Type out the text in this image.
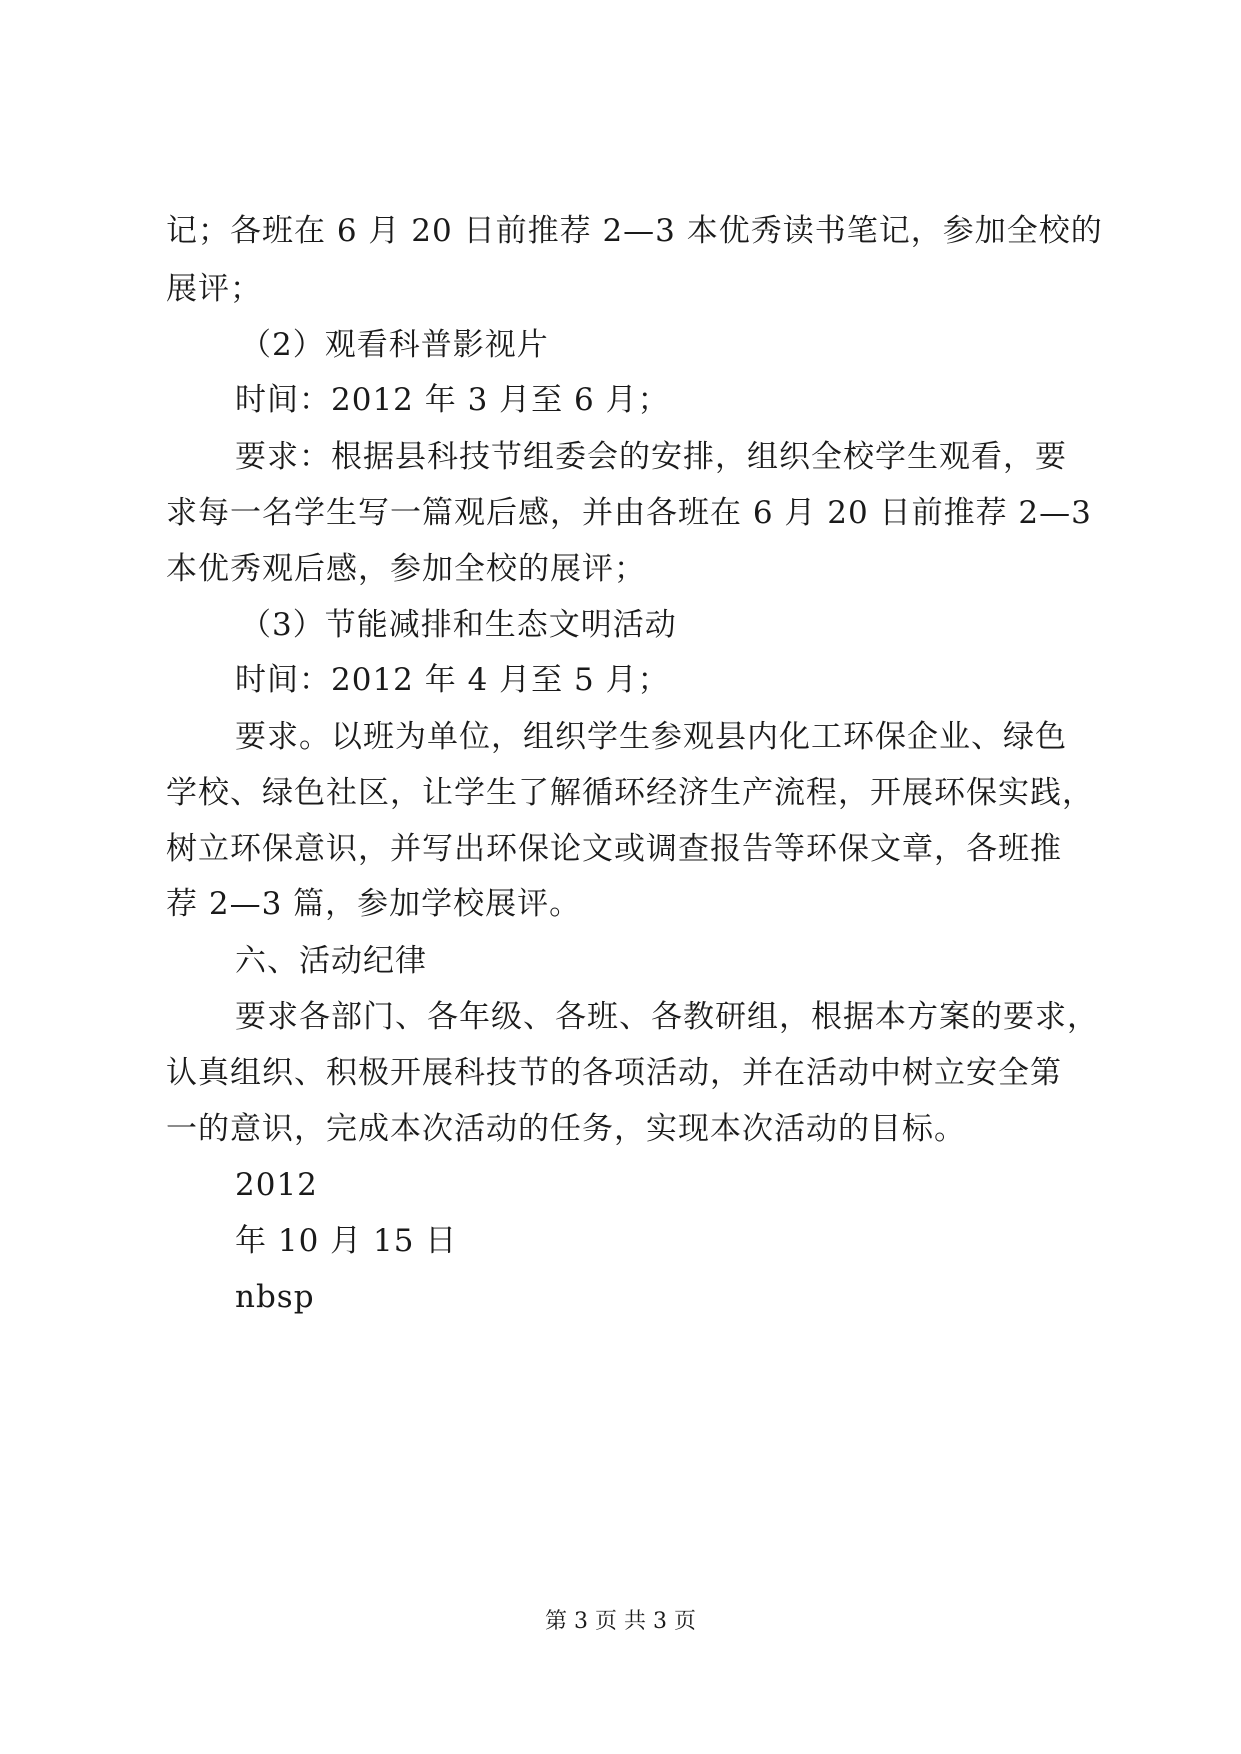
记；各班在 6 月 20 日前推荐 2—3 本优秀读书笔记，参加全校的
展评；
（2）观看科普影视片
时间：2012 年 3 月至 6 月；
要求：根据县科技节组委会的安排，组织全校学生观看，要
求每一名学生写一篇观后感，并由各班在 6 月 20 日前推荐 2—3
本优秀观后感，参加全校的展评；
（3）节能减排和生态文明活动
时间：2012 年 4 月至 5 月；
要求。以班为单位，组织学生参观县内化工环保企业、绿色
学校、绿色社区，让学生了解循环经济生产流程，开展环保实践，
树立环保意识，并写出环保论文或调查报告等环保文章，各班推
荐 2—3 篇，参加学校展评。
六、活动纪律
要求各部门、各年级、各班、各教研组，根据本方案的要求，
认真组织、积极开展科技节的各项活动，并在活动中树立安全第
一的意识，完成本次活动的任务，实现本次活动的目标。
2012
年 10 月 15 日
nbsp
第 3 页 共 3 页
